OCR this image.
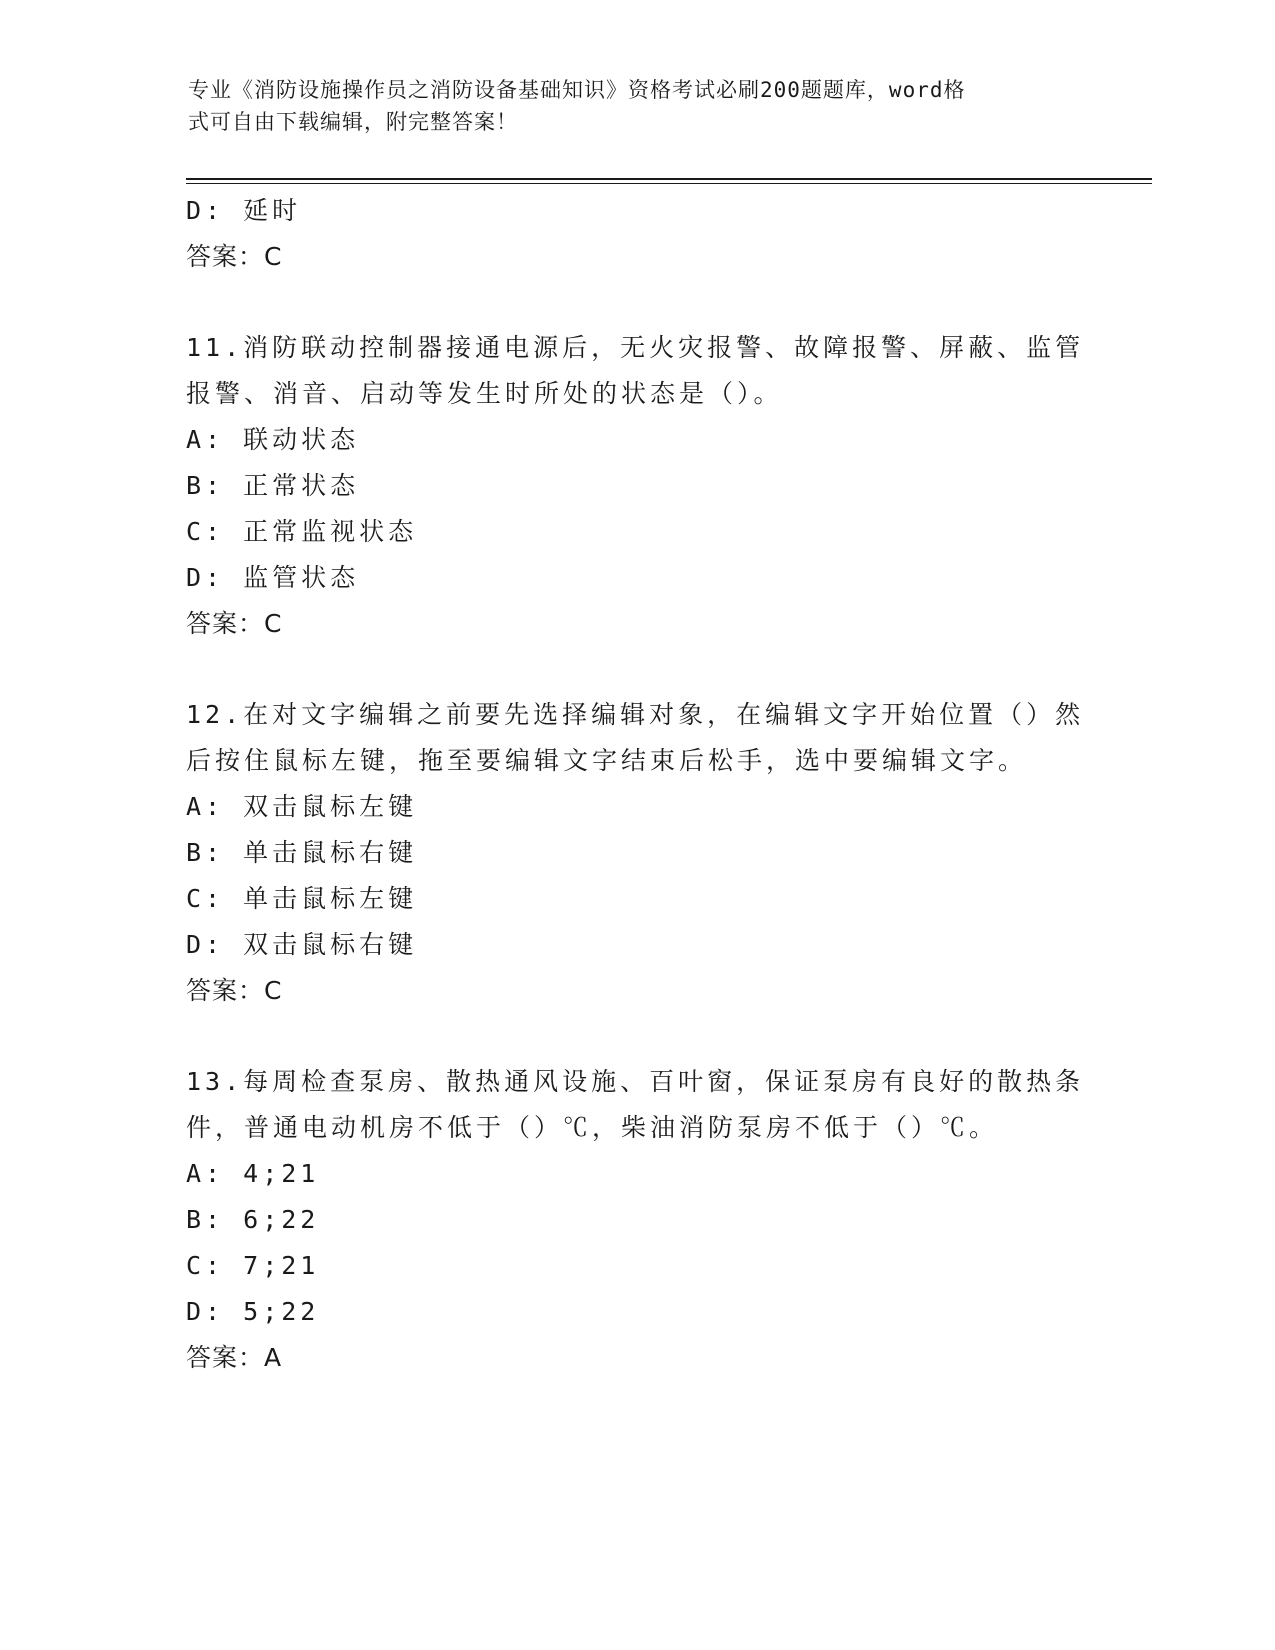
专业《消防设施操作员之消防设备基础知识》资格考试必刷200题题库，word格
式可自由下载编辑，附完整答案！
D: 延时
答案：C
11.消防联动控制器接通电源后，无火灾报警、故障报警、屏蔽、监管
报警、消音、启动等发生时所处的状态是（）。
A: 联动状态
B: 正常状态
C: 正常监视状态
D: 监管状态
答案：C
12.在对文字编辑之前要先选择编辑对象，在编辑文字开始位置（）然
后按住鼠标左键，拖至要编辑文字结束后松手，选中要编辑文字。
A: 双击鼠标左键
B: 单击鼠标右键
C: 单击鼠标左键
D: 双击鼠标右键
答案：C
13.每周检查泵房、散热通风设施、百叶窗，保证泵房有良好的散热条
件，普通电动机房不低于（）℃，柴油消防泵房不低于（）℃。
A: 4;21
B: 6;22
C: 7;21
D: 5;22
答案：A
